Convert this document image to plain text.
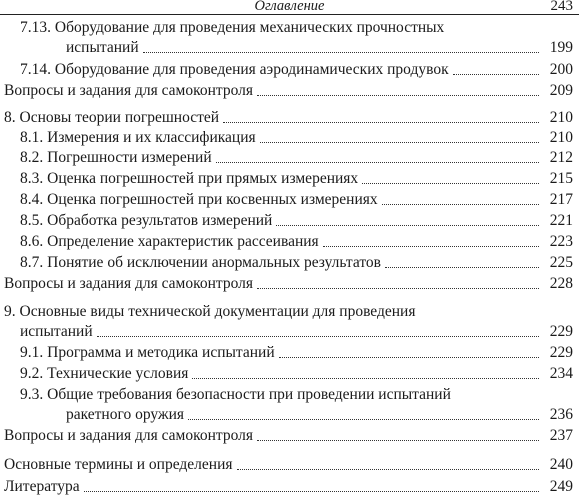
Оглавление	243
7.13. Оборудование для проведения механических прочностных
испытаний	199
7.14. Оборудование для проведения аэродинамических продувок	200
Вопросы и задания для самоконтроля	209
8. Основы теории погрешностей	210
8.1. Измерения и их классификация	210
8.2. Погрешности измерений	212
8.3. Оценка погрешностей при прямых измерениях	215
8.4. Оценка погрешностей при косвенных измерениях	217
8.5. Обработка результатов измерений	221
8.6. Определение характеристик рассеивания	223
8.7. Понятие об исключении анормальных результатов	225
Вопросы и задания для самоконтроля	228
9. Основные виды технической документации для проведения
испытаний	229
9.1. Программа и методика испытаний	229
9.2. Технические условия	234
9.3. Общие требования безопасности при проведении испытаний
ракетного оружия	236
Вопросы и задания для самоконтроля	237
Основные термины и определения	240
Литература	249
